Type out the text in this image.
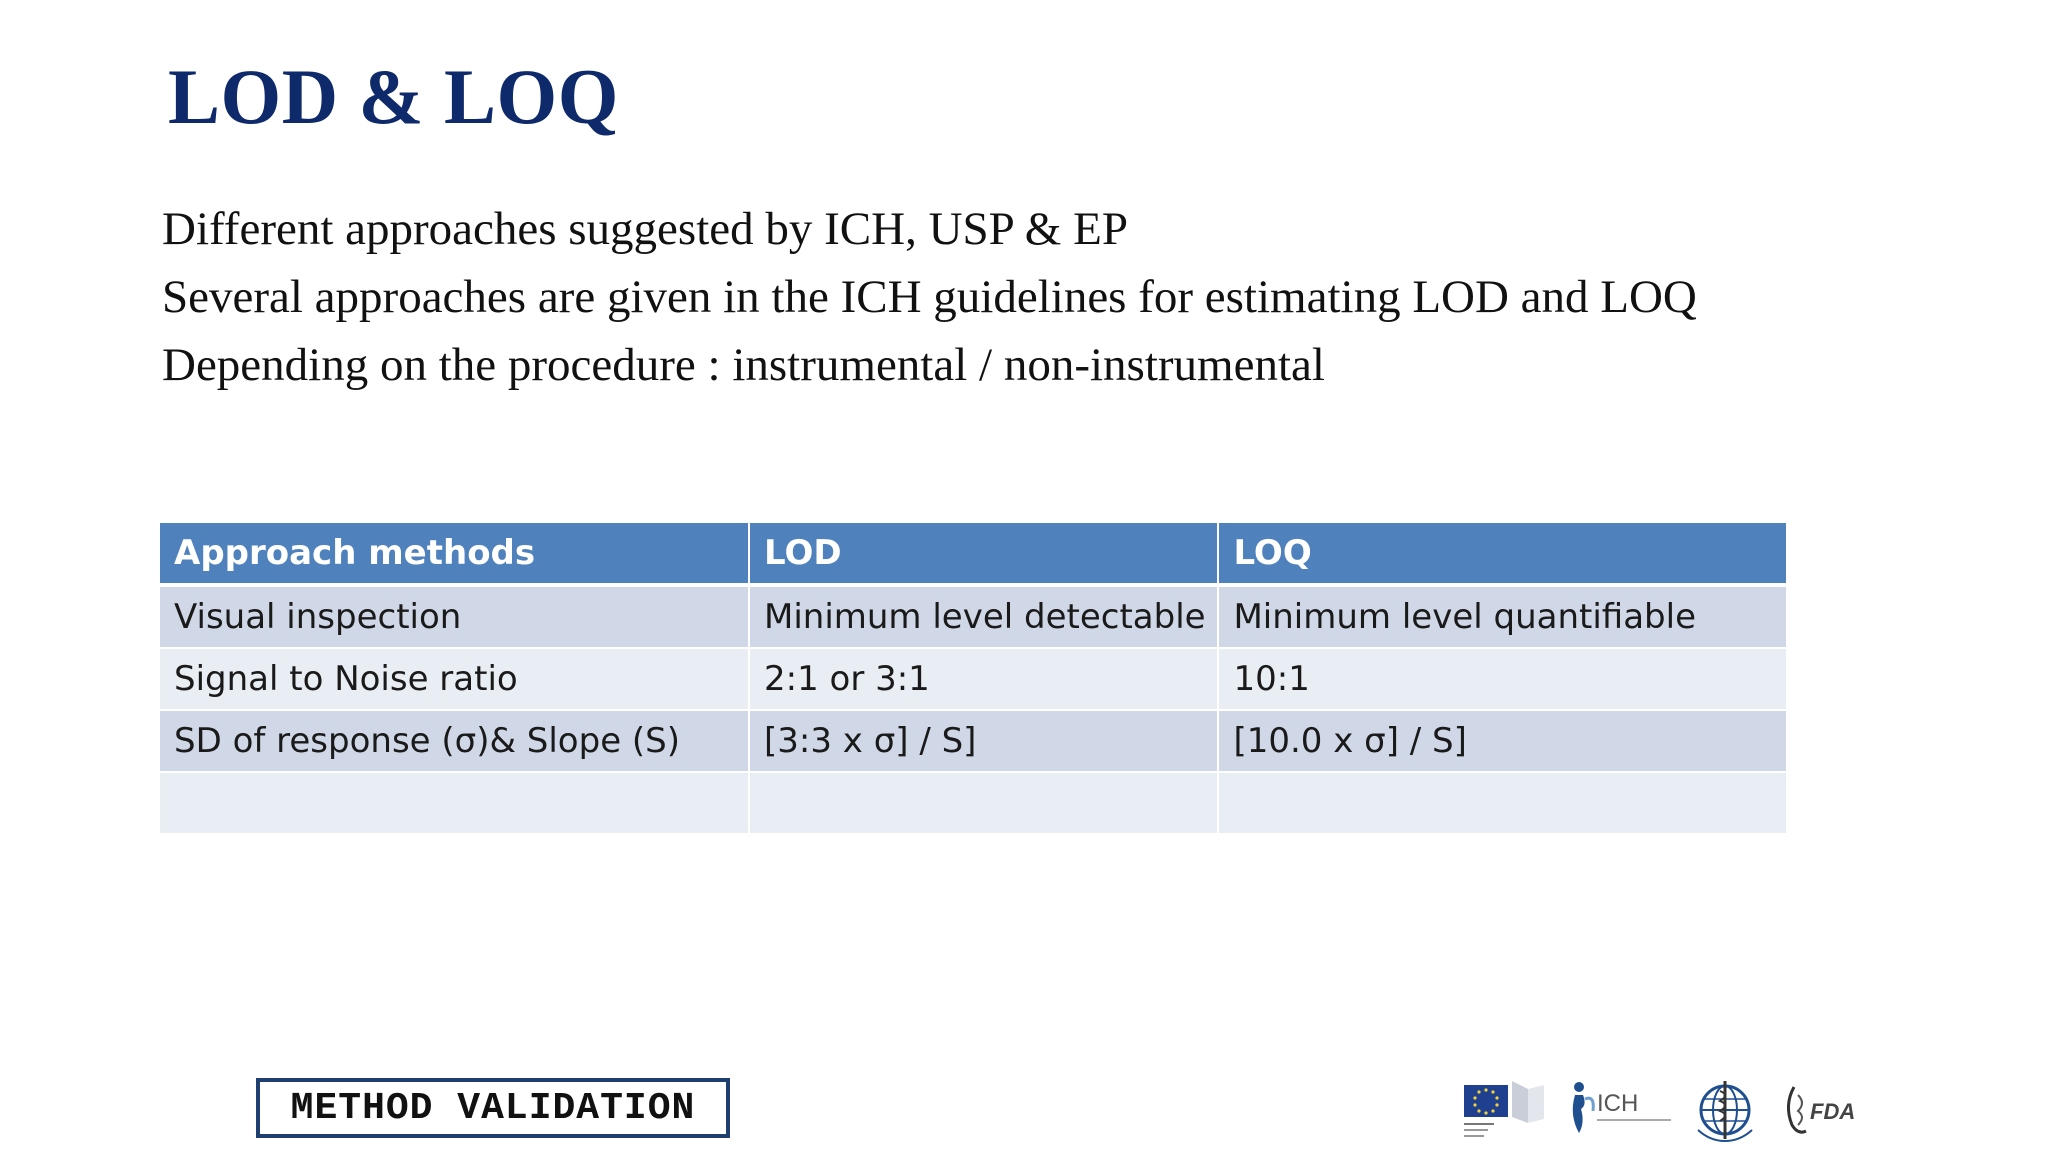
LOD & LOQ
Different approaches suggested by ICH, USP & EP
Several approaches are given in the ICH guidelines for estimating LOD and LOQ
Depending on the procedure : instrumental / non-instrumental
Approach methods	LOD	LOQ
Visual inspection	Minimum level detectable	Minimum level quantifiable
Signal to Noise ratio	2:1 or 3:1	10:1
SD of response (σ)& Slope (S)	[3:3 x σ] / S]	[10.0 x σ] / S]

METHOD VALIDATION	ICH	FDA
